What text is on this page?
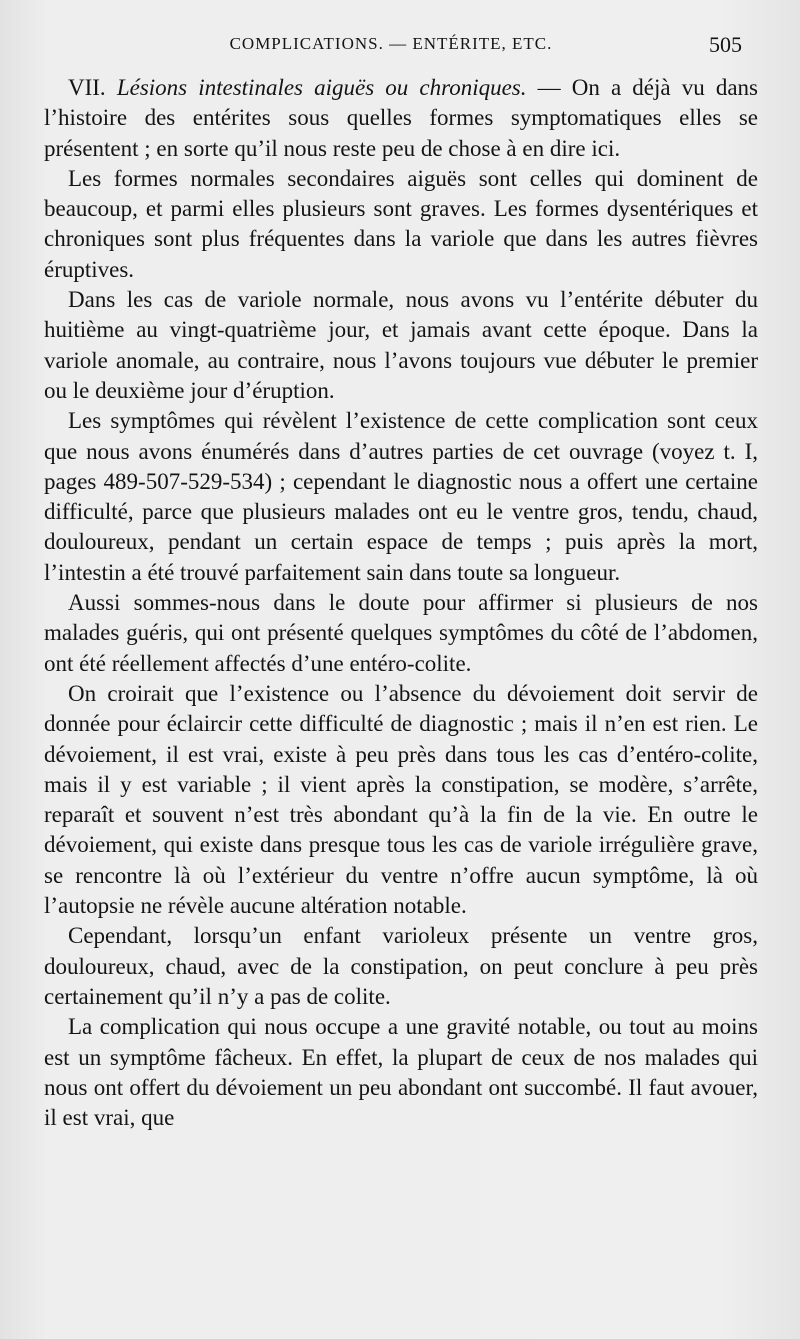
COMPLICATIONS. — ENTÉRITE, ETC.	505

VII. Lésions intestinales aiguës ou chroniques. — On a déjà vu dans l’histoire des entérites sous quelles formes symptomatiques elles se présentent ; en sorte qu’il nous reste peu de chose à en dire ici.

Les formes normales secondaires aiguës sont celles qui dominent de beaucoup, et parmi elles plusieurs sont graves. Les formes dysentériques et chroniques sont plus fréquentes dans la variole que dans les autres fièvres éruptives.

Dans les cas de variole normale, nous avons vu l’entérite débuter du huitième au vingt-quatrième jour, et jamais avant cette époque. Dans la variole anomale, au contraire, nous l’avons toujours vue débuter le premier ou le deuxième jour d’éruption.

Les symptômes qui révèlent l’existence de cette complication sont ceux que nous avons énumérés dans d’autres parties de cet ouvrage (voyez t. I, pages 489-507-529-534) ; cependant le diagnostic nous a offert une certaine difficulté, parce que plusieurs malades ont eu le ventre gros, tendu, chaud, douloureux, pendant un certain espace de temps ; puis après la mort, l’intestin a été trouvé parfaitement sain dans toute sa longueur.

Aussi sommes-nous dans le doute pour affirmer si plusieurs de nos malades guéris, qui ont présenté quelques symptômes du côté de l’abdomen, ont été réellement affectés d’une entéro-colite.

On croirait que l’existence ou l’absence du dévoiement doit servir de donnée pour éclaircir cette difficulté de diagnostic ; mais il n’en est rien. Le dévoiement, il est vrai, existe à peu près dans tous les cas d’entéro-colite, mais il y est variable ; il vient après la constipation, se modère, s’arrête, reparaît et souvent n’est très abondant qu’à la fin de la vie. En outre le dévoiement, qui existe dans presque tous les cas de variole irrégulière grave, se rencontre là où l’extérieur du ventre n’offre aucun symptôme, là où l’autopsie ne révèle aucune altération notable.

Cependant, lorsqu’un enfant varioleux présente un ventre gros, douloureux, chaud, avec de la constipation, on peut conclure à peu près certainement qu’il n’y a pas de colite.

La complication qui nous occupe a une gravité notable, ou tout au moins est un symptôme fâcheux. En effet, la plupart de ceux de nos malades qui nous ont offert du dévoiement un peu abondant ont succombé. Il faut avouer, il est vrai, que
